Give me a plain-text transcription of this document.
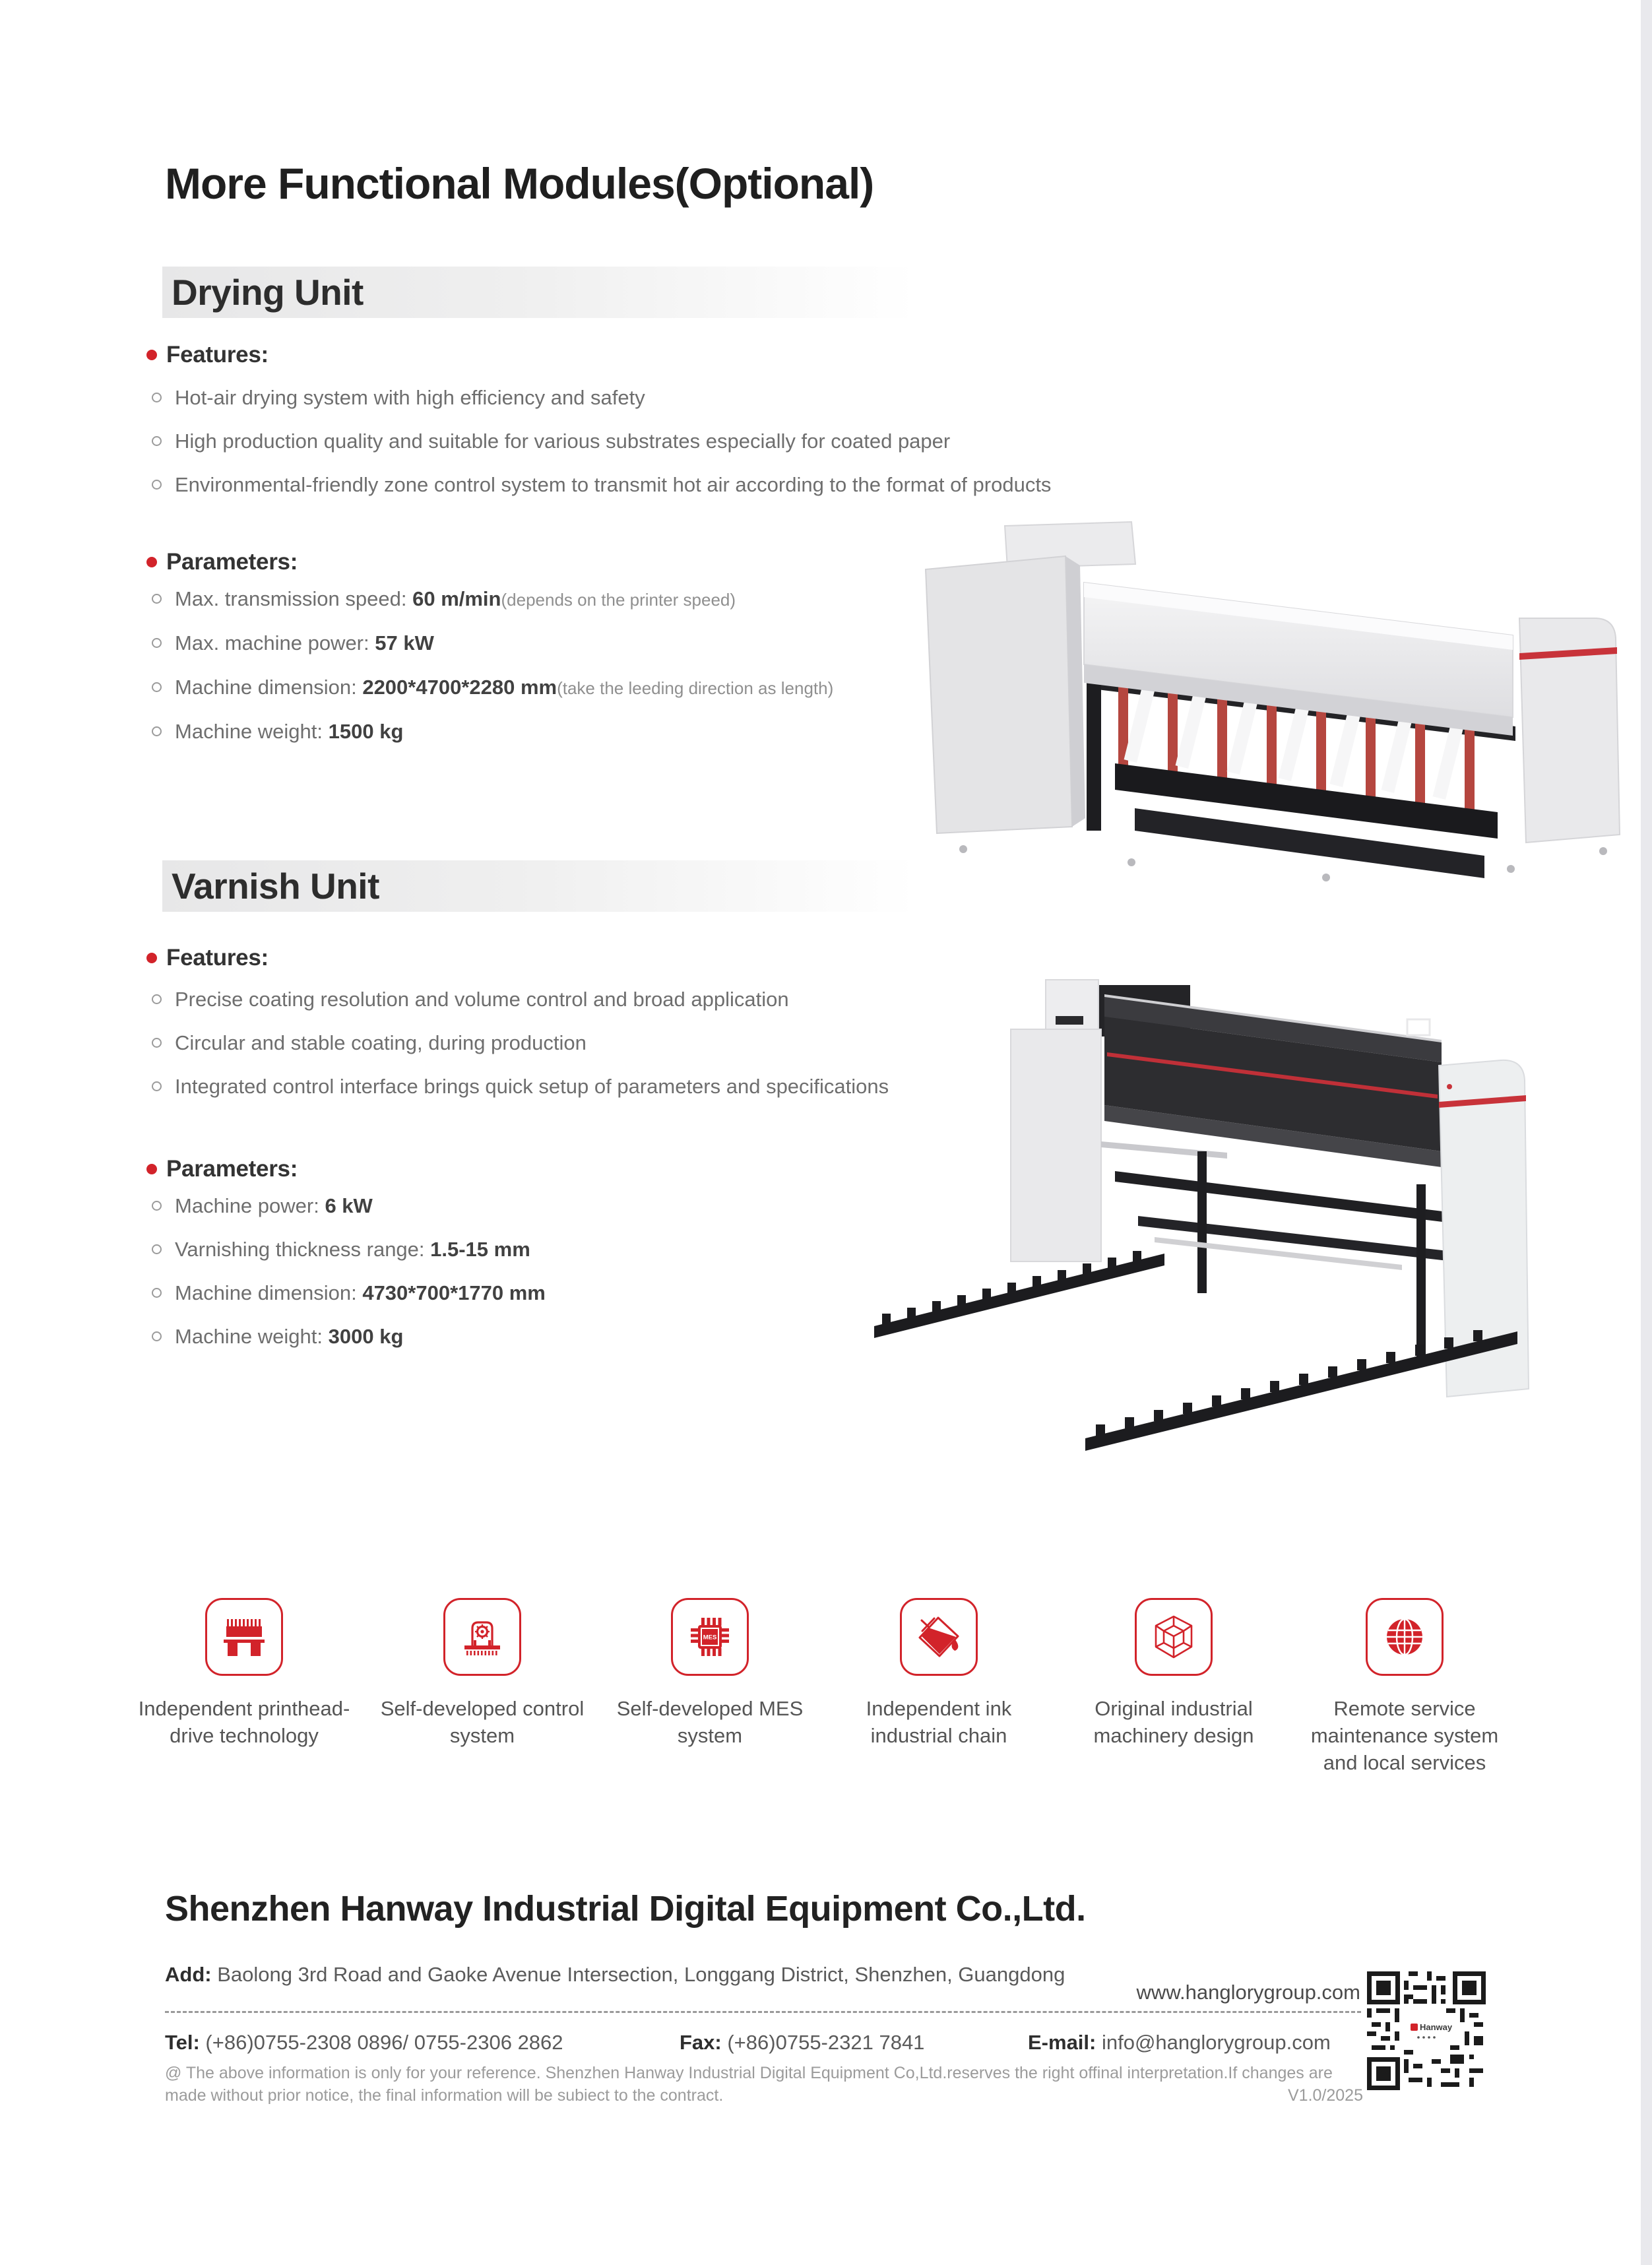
More Functional Modules(Optional)
Drying Unit
Features:
Hot-air drying system with high efficiency and safety
High production quality and suitable for various substrates especially for coated paper
Environmental-friendly zone control system to transmit hot air according to the format of products
Parameters:
Max. transmission speed: 60 m/min(depends on the printer speed)
Max. machine power: 57 kW
Machine dimension: 2200*4700*2280 mm(take the leeding direction as length)
Machine weight: 1500 kg
Varnish Unit
Features:
Precise coating resolution and volume control and broad application
Circular and stable coating, during production
Integrated control interface brings quick setup of parameters and specifications
Parameters:
Machine power: 6 kW
Varnishing thickness range: 1.5-15 mm
Machine dimension: 4730*700*1770 mm
Machine weight: 3000 kg
Independent printhead-drive technology
Self-developed control system
MES
Self-developed MES system
Independent ink industrial chain
Original industrial machinery design
Remote service maintenance system and local services
Shenzhen Hanway Industrial Digital Equipment Co.,Ltd.
Add: Baolong 3rd Road and Gaoke Avenue Intersection, Longgang District, Shenzhen, Guangdong
www.hanglorygroup.com
Tel: (+86)0755-2308 0896/ 0755-2306 2862	Fax: (+86)0755-2321 7841	E-mail: info@hanglorygroup.com
@ The above information is only for your reference. Shenzhen Hanway Industrial Digital Equipment Co,Ltd.reserves the right offinal interpretation.If changes are
made without prior notice, the final information will be subiect to the contract.	V1.0/2025
Hanway
